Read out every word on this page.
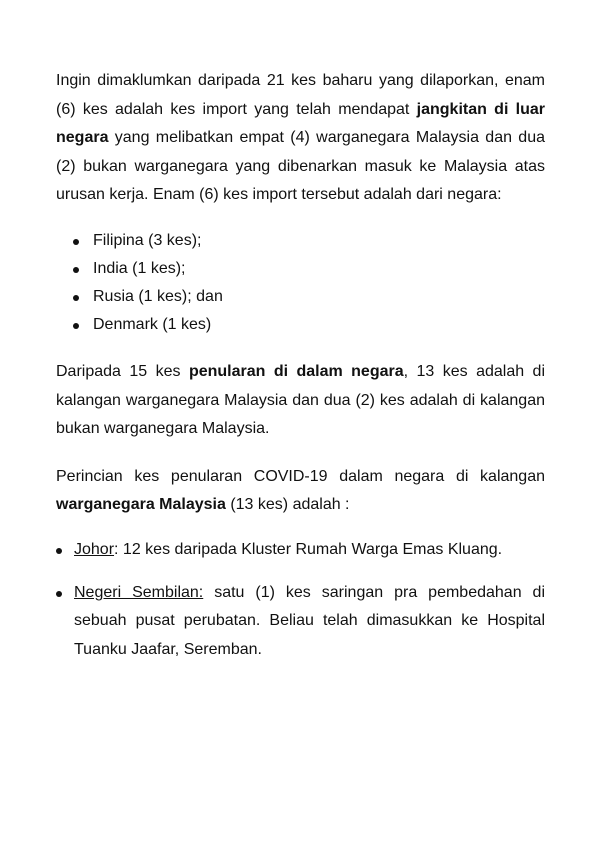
Ingin dimaklumkan daripada 21 kes baharu yang dilaporkan, enam (6) kes adalah kes import yang telah mendapat jangkitan di luar negara yang melibatkan empat (4) warganegara Malaysia dan dua (2) bukan warganegara yang dibenarkan masuk ke Malaysia atas urusan kerja. Enam (6) kes import tersebut adalah dari negara:

Filipina (3 kes);
India (1 kes);
Rusia (1 kes); dan
Denmark (1 kes)

Daripada 15 kes penularan di dalam negara, 13 kes adalah di kalangan warganegara Malaysia dan dua (2) kes adalah di kalangan bukan warganegara Malaysia.

Perincian kes penularan COVID-19 dalam negara di kalangan warganegara Malaysia (13 kes) adalah :

Johor: 12 kes daripada Kluster Rumah Warga Emas Kluang.
Negeri Sembilan: satu (1) kes saringan pra pembedahan di sebuah pusat perubatan. Beliau telah dimasukkan ke Hospital Tuanku Jaafar, Seremban.
